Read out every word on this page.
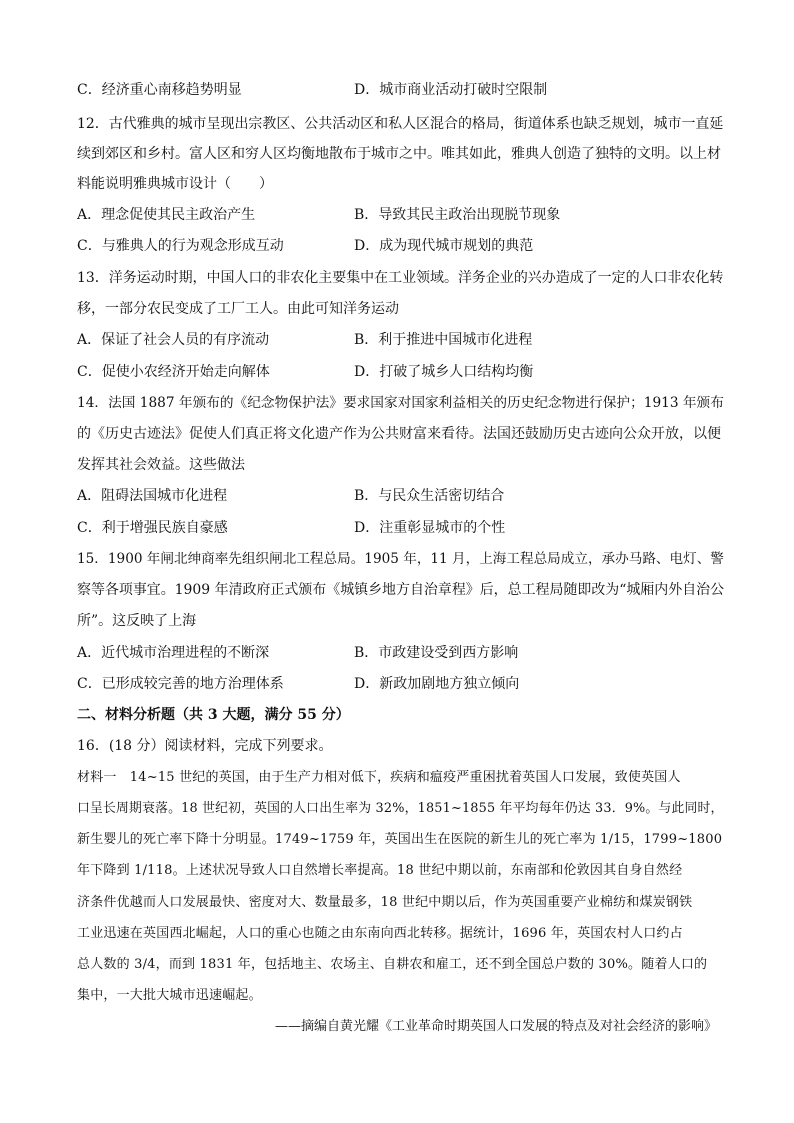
C．经济重心南移趋势明显	D．城市商业活动打破时空限制
12．古代雅典的城市呈现出宗教区、公共活动区和私人区混合的格局，街道体系也缺乏规划，城市一直延
续到郊区和乡村。富人区和穷人区均衡地散布于城市之中。唯其如此，雅典人创造了独特的文明。以上材
料能说明雅典城市设计（　　）
A．理念促使其民主政治产生	B．导致其民主政治出现脱节现象
C．与雅典人的行为观念形成互动	D．成为现代城市规划的典范
13．洋务运动时期，中国人口的非农化主要集中在工业领域。洋务企业的兴办造成了一定的人口非农化转
移，一部分农民变成了工厂工人。由此可知洋务运动
A．保证了社会人员的有序流动	B．利于推进中国城市化进程
C．促使小农经济开始走向解体	D．打破了城乡人口结构均衡
14．法国 1887 年颁布的《纪念物保护法》要求国家对国家利益相关的历史纪念物进行保护；1913 年颁布
的《历史古迹法》促使人们真正将文化遗产作为公共财富来看待。法国还鼓励历史古迹向公众开放，以便
发挥其社会效益。这些做法
A．阻碍法国城市化进程	B．与民众生活密切结合
C．利于增强民族自豪感	D．注重彰显城市的个性
15．1900 年闸北绅商率先组织闸北工程总局。1905 年，11 月，上海工程总局成立，承办马路、电灯、警
察等各项事宜。1909 年清政府正式颁布《城镇乡地方自治章程》后，总工程局随即改为“城厢内外自治公
所”。这反映了上海
A．近代城市治理进程的不断深	B．市政建设受到西方影响
C．已形成较完善的地方治理体系	D．新政加剧地方独立倾向
二、材料分析题（共 3 大题，满分 55 分）
16．(18 分）阅读材料，完成下列要求。
材料一　14~15 世纪的英国，由于生产力相对低下，疾病和瘟疫严重困扰着英国人口发展，致使英国人
口呈长周期衰落。18 世纪初，英国的人口出生率为 32%，1851~1855 年平均每年仍达 33．9%。与此同时，
新生婴儿的死亡率下降十分明显。1749~1759 年，英国出生在医院的新生儿的死亡率为 1/15，1799~1800
年下降到 1/118。上述状况导致人口自然增长率提高。18 世纪中期以前，东南部和伦敦因其自身自然经
济条件优越而人口发展最快、密度对大、数量最多，18 世纪中期以后，作为英国重要产业棉纺和煤炭钢铁
工业迅速在英国西北崛起，人口的重心也随之由东南向西北转移。据统计，1696 年，英国农村人口约占
总人数的 3/4，而到 1831 年，包括地主、农场主、自耕农和雇工，还不到全国总户数的 30%。随着人口的
集中，一大批大城市迅速崛起。
——摘编自黄光耀《工业革命时期英国人口发展的特点及对社会经济的影响》
